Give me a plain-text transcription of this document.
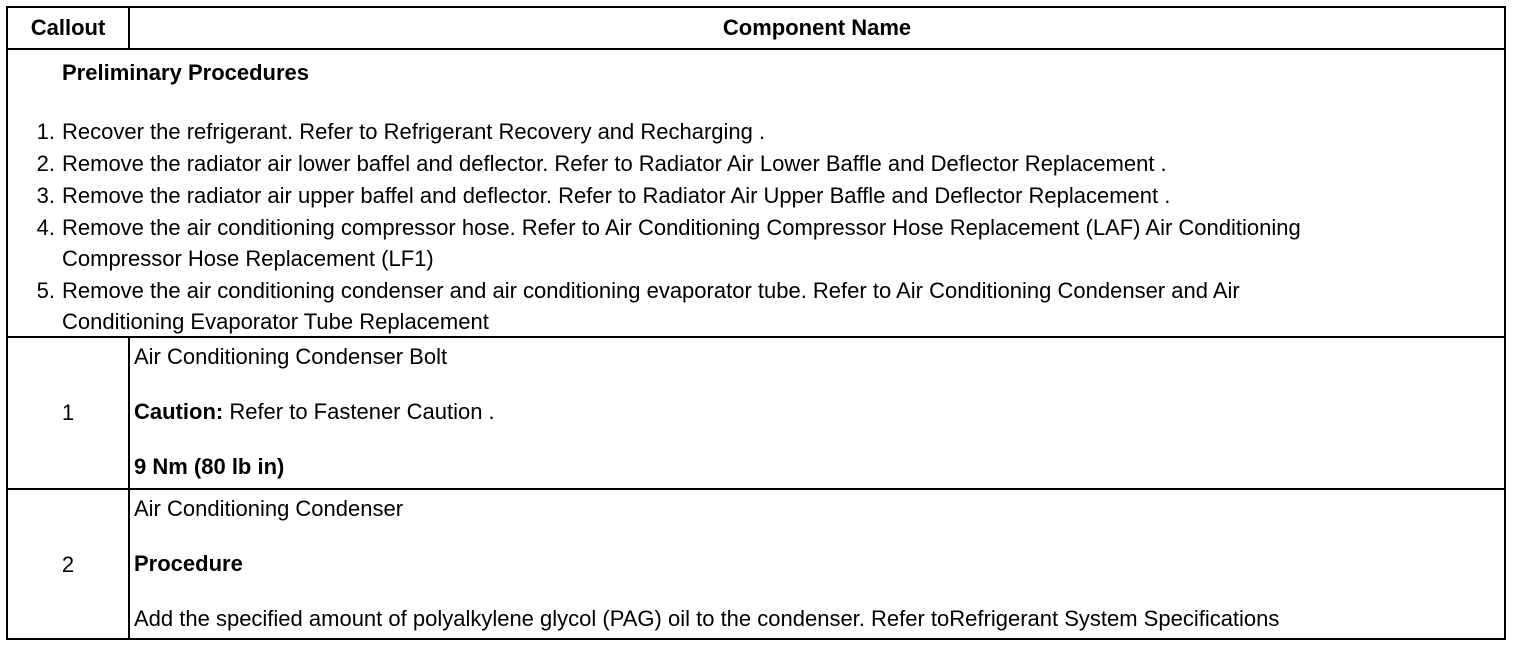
Callout	Component Name
Preliminary Procedures
1. Recover the refrigerant. Refer to Refrigerant Recovery and Recharging .
2. Remove the radiator air lower baffel and deflector. Refer to Radiator Air Lower Baffle and Deflector Replacement .
3. Remove the radiator air upper baffel and deflector. Refer to Radiator Air Upper Baffle and Deflector Replacement .
4. Remove the air conditioning compressor hose. Refer to Air Conditioning Compressor Hose Replacement (LAF) Air Conditioning
Compressor Hose Replacement (LF1)
5. Remove the air conditioning condenser and air conditioning evaporator tube. Refer to Air Conditioning Condenser and Air
Conditioning Evaporator Tube Replacement
1
Air Conditioning Condenser Bolt
Caution: Refer to Fastener Caution .
9 Nm (80 lb in)
2
Air Conditioning Condenser
Procedure
Add the specified amount of polyalkylene glycol (PAG) oil to the condenser. Refer toRefrigerant System Specifications
